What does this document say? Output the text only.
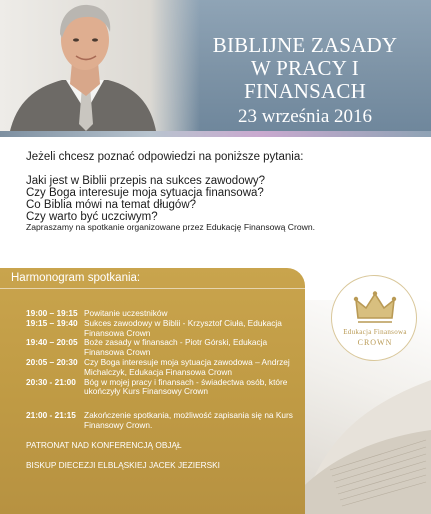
BIBLIJNE ZASADY
W PRACY I FINANSACH
23 września 2016
Jeżeli chcesz poznać odpowiedzi na poniższe pytania:
Jaki jest w Biblii przepis na sukces zawodowy?
Czy Boga interesuje moja sytuacja finansowa?
Co Biblia mówi na temat długów?
Czy warto być uczciwym?
Zapraszamy na spotkanie organizowane przez Edukację Finansową Crown.
Harmonogram spotkania:
19:00 – 19:15 Powitanie uczestników
19:15 – 19:40 Sukces zawodowy w Biblii - Krzysztof Ciuła, Edukacja Finansowa Crown
19:40 – 20:05 Boże zasady w finansach - Piotr Górski, Edukacja Finansowa Crown
20:05 – 20:30 Czy Boga interesuje moja sytuacja zawodowa – Andrzej Michalczyk, Edukacja Finansowa Crown
20:30 - 21:00 Bóg w mojej pracy i finansach - świadectwa osób, które ukończyły Kurs Finansowy Crown
21:00 - 21:15 Zakończenie spotkania, możliwość zapisania się na Kurs Finansowy Crown.
PATRONAT NAD KONFERENCJĄ OBJĄŁ
BISKUP DIECEZJI ELBLĄSKIEJ JACEK JEZIERSKI
Edukacja Finansowa
CROWN
